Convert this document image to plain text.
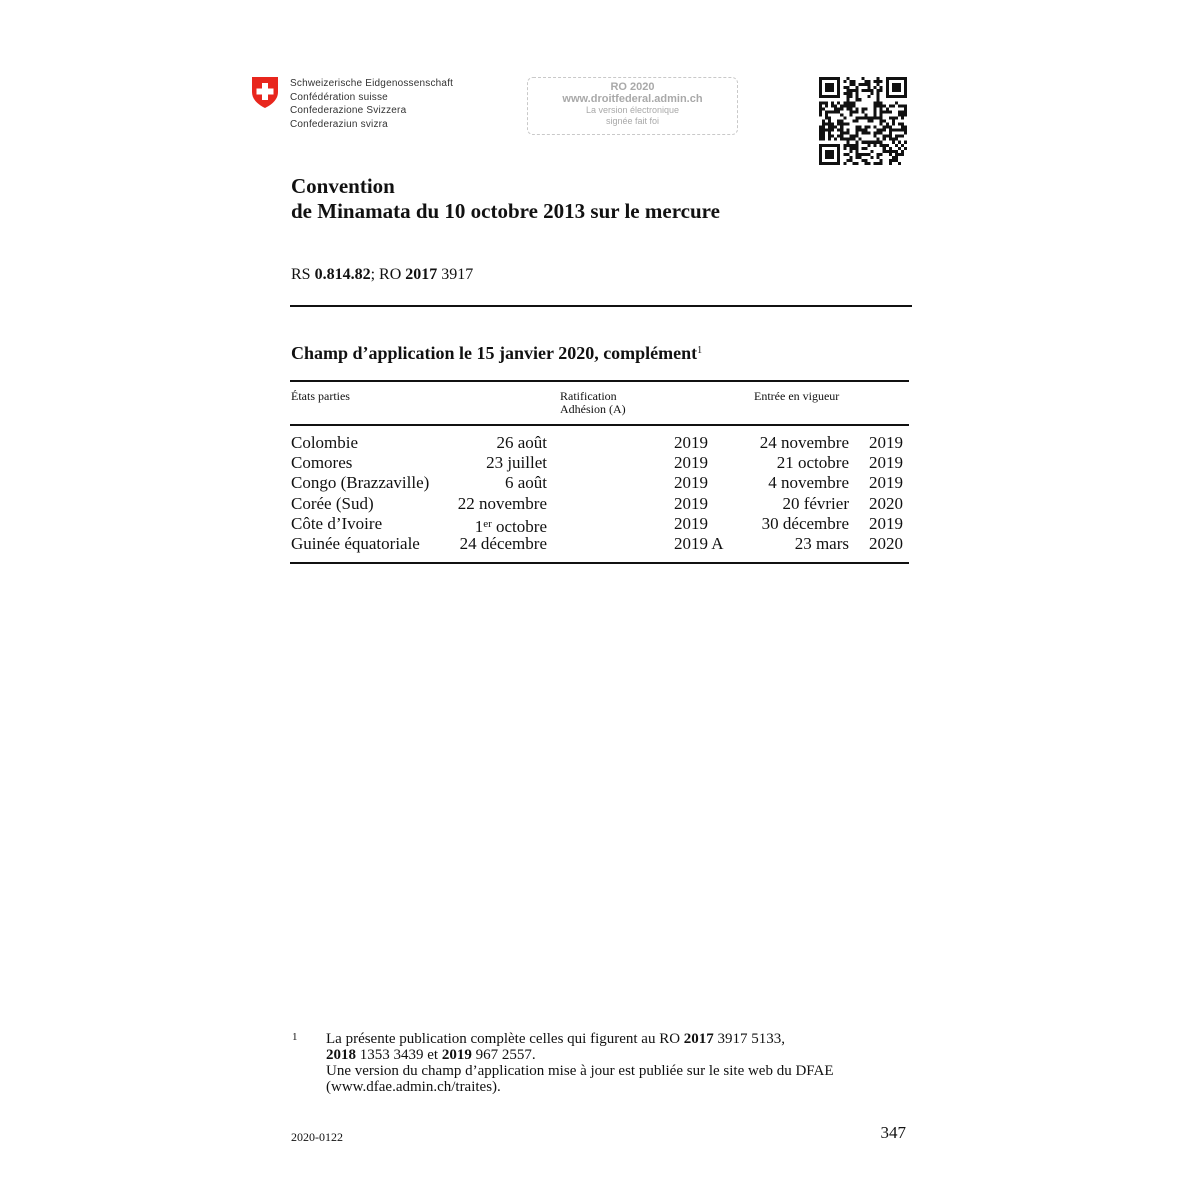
Schweizerische Eidgenossenschaft
Confédération suisse
Confederazione Svizzera
Confederaziun svizra
RO 2020
www.droitfederal.admin.ch
La version électronique
signée fait foi
Convention
de Minamata du 10 octobre 2013 sur le mercure
RS 0.814.82; RO 2017 3917
Champ d’application le 15 janvier 2020, complément$^1$
États parties	Ratification
Adhésion (A)
Entrée en vigueur
Colombie	26 août	2019	24 novembre 2019
Comores	23 juillet	2019	21 octobre 2019
Congo (Brazzaville)	6 août	2019	4 novembre 2019
Corée (Sud)	22 novembre	2019	20 février 2020
Côte d’Ivoire	1er octobre	2019	30 décembre 2019
Guinée équatoriale 24 décembre	2019 A	23 mars 2020
1 La présente publication complète celles qui figurent au RO 2017 3917 5133,
2018 1353 3439 et 2019 967 2557.
Une version du champ d’application mise à jour est publiée sur le site web du DFAE
(www.dfae.admin.ch/traites).
2020-0122	347
